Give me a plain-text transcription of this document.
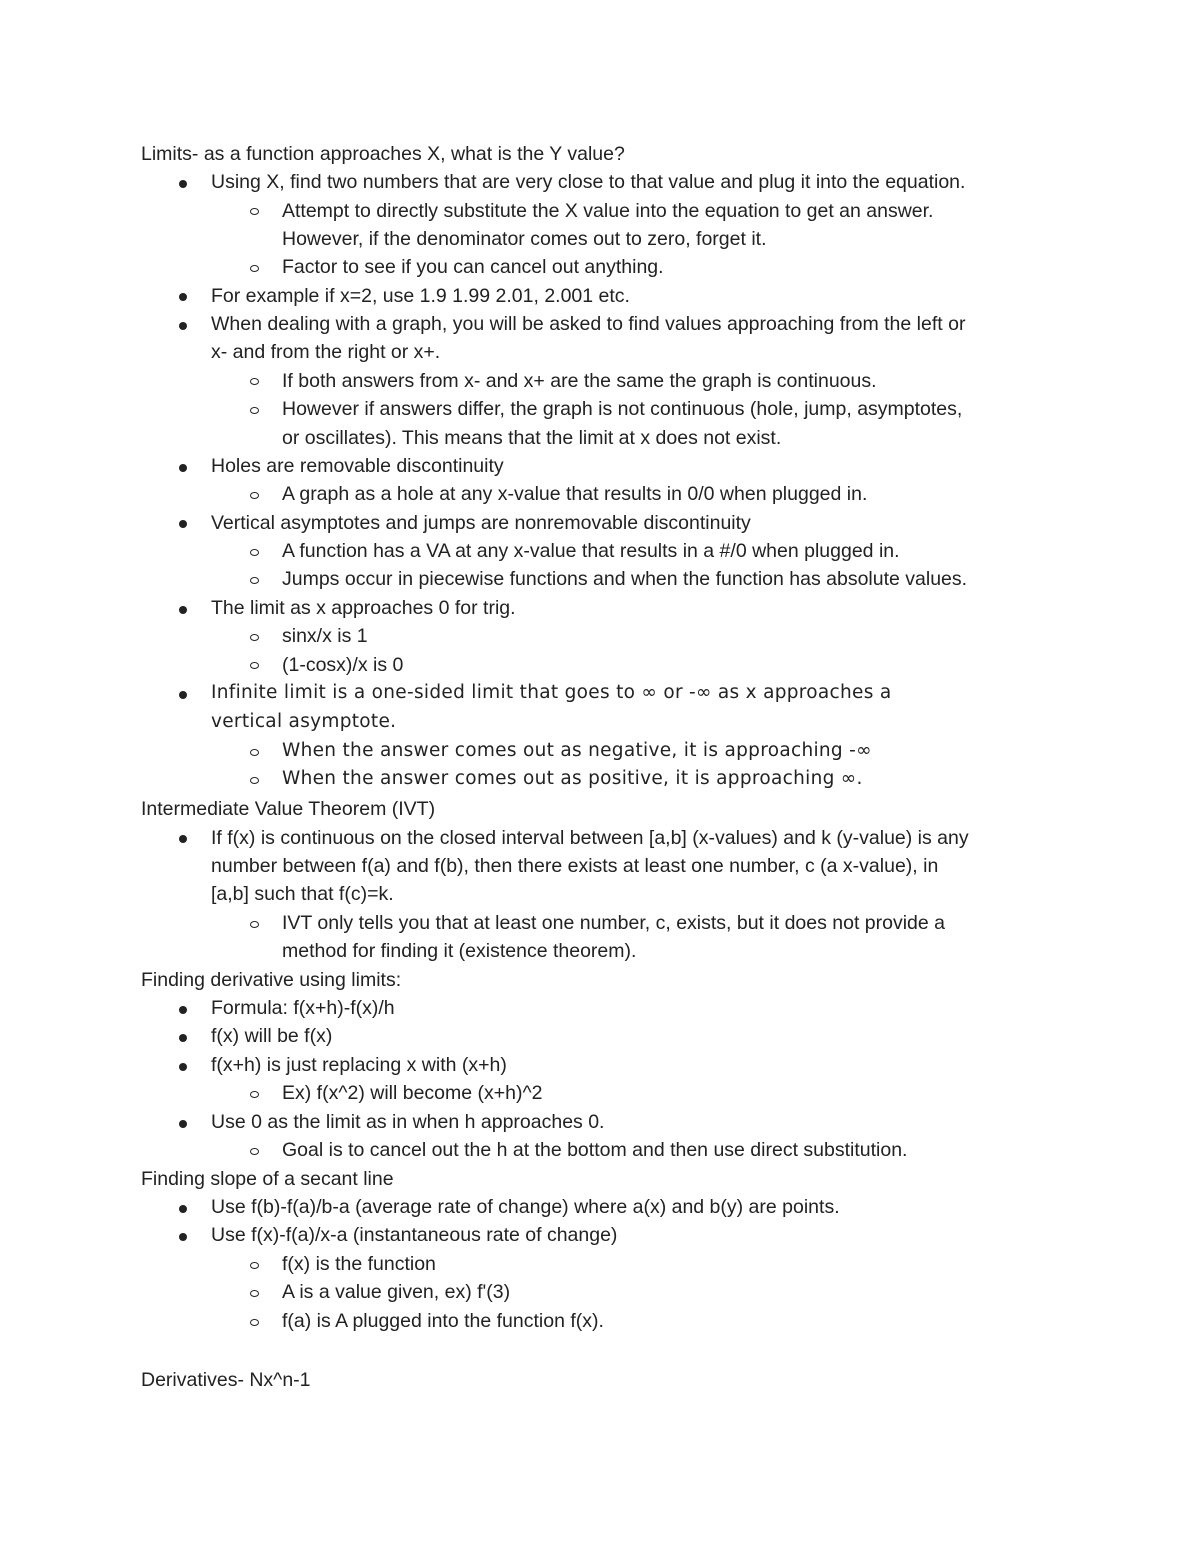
Limits- as a function approaches X, what is the Y value?
Using X, find two numbers that are very close to that value and plug it into the equation.
Attempt to directly substitute the X value into the equation to get an answer.
However, if the denominator comes out to zero, forget it.
Factor to see if you can cancel out anything.
For example if x=2, use 1.9 1.99 2.01, 2.001 etc.
When dealing with a graph, you will be asked to find values approaching from the left or
x- and from the right or x+.
If both answers from x- and x+ are the same the graph is continuous.
However if answers differ, the graph is not continuous (hole, jump, asymptotes,
or oscillates). This means that the limit at x does not exist.
Holes are removable discontinuity
A graph as a hole at any x-value that results in 0/0 when plugged in.
Vertical asymptotes and jumps are nonremovable discontinuity
A function has a VA at any x-value that results in a #/0 when plugged in.
Jumps occur in piecewise functions and when the function has absolute values.
The limit as x approaches 0 for trig.
sinx/x is 1
(1-cosx)/x is 0
Infinite limit is a one-sided limit that goes to ∞ or -∞ as x approaches a
vertical asymptote.
When the answer comes out as negative, it is approaching -∞
When the answer comes out as positive, it is approaching ∞.
Intermediate Value Theorem (IVT)
If f(x) is continuous on the closed interval between [a,b] (x-values) and k (y-value) is any
number between f(a) and f(b), then there exists at least one number, c (a x-value), in
[a,b] such that f(c)=k.
IVT only tells you that at least one number, c, exists, but it does not provide a
method for finding it (existence theorem).
Finding derivative using limits:
Formula: f(x+h)-f(x)/h
f(x) will be f(x)
f(x+h) is just replacing x with (x+h)
Ex) f(x^2) will become (x+h)^2
Use 0 as the limit as in when h approaches 0.
Goal is to cancel out the h at the bottom and then use direct substitution.
Finding slope of a secant line
Use f(b)-f(a)/b-a (average rate of change) where a(x) and b(y) are points.
Use f(x)-f(a)/x-a (instantaneous rate of change)
f(x) is the function
A is a value given, ex) f'(3)
f(a) is A plugged into the function f(x).
Derivatives- Nx^n-1
